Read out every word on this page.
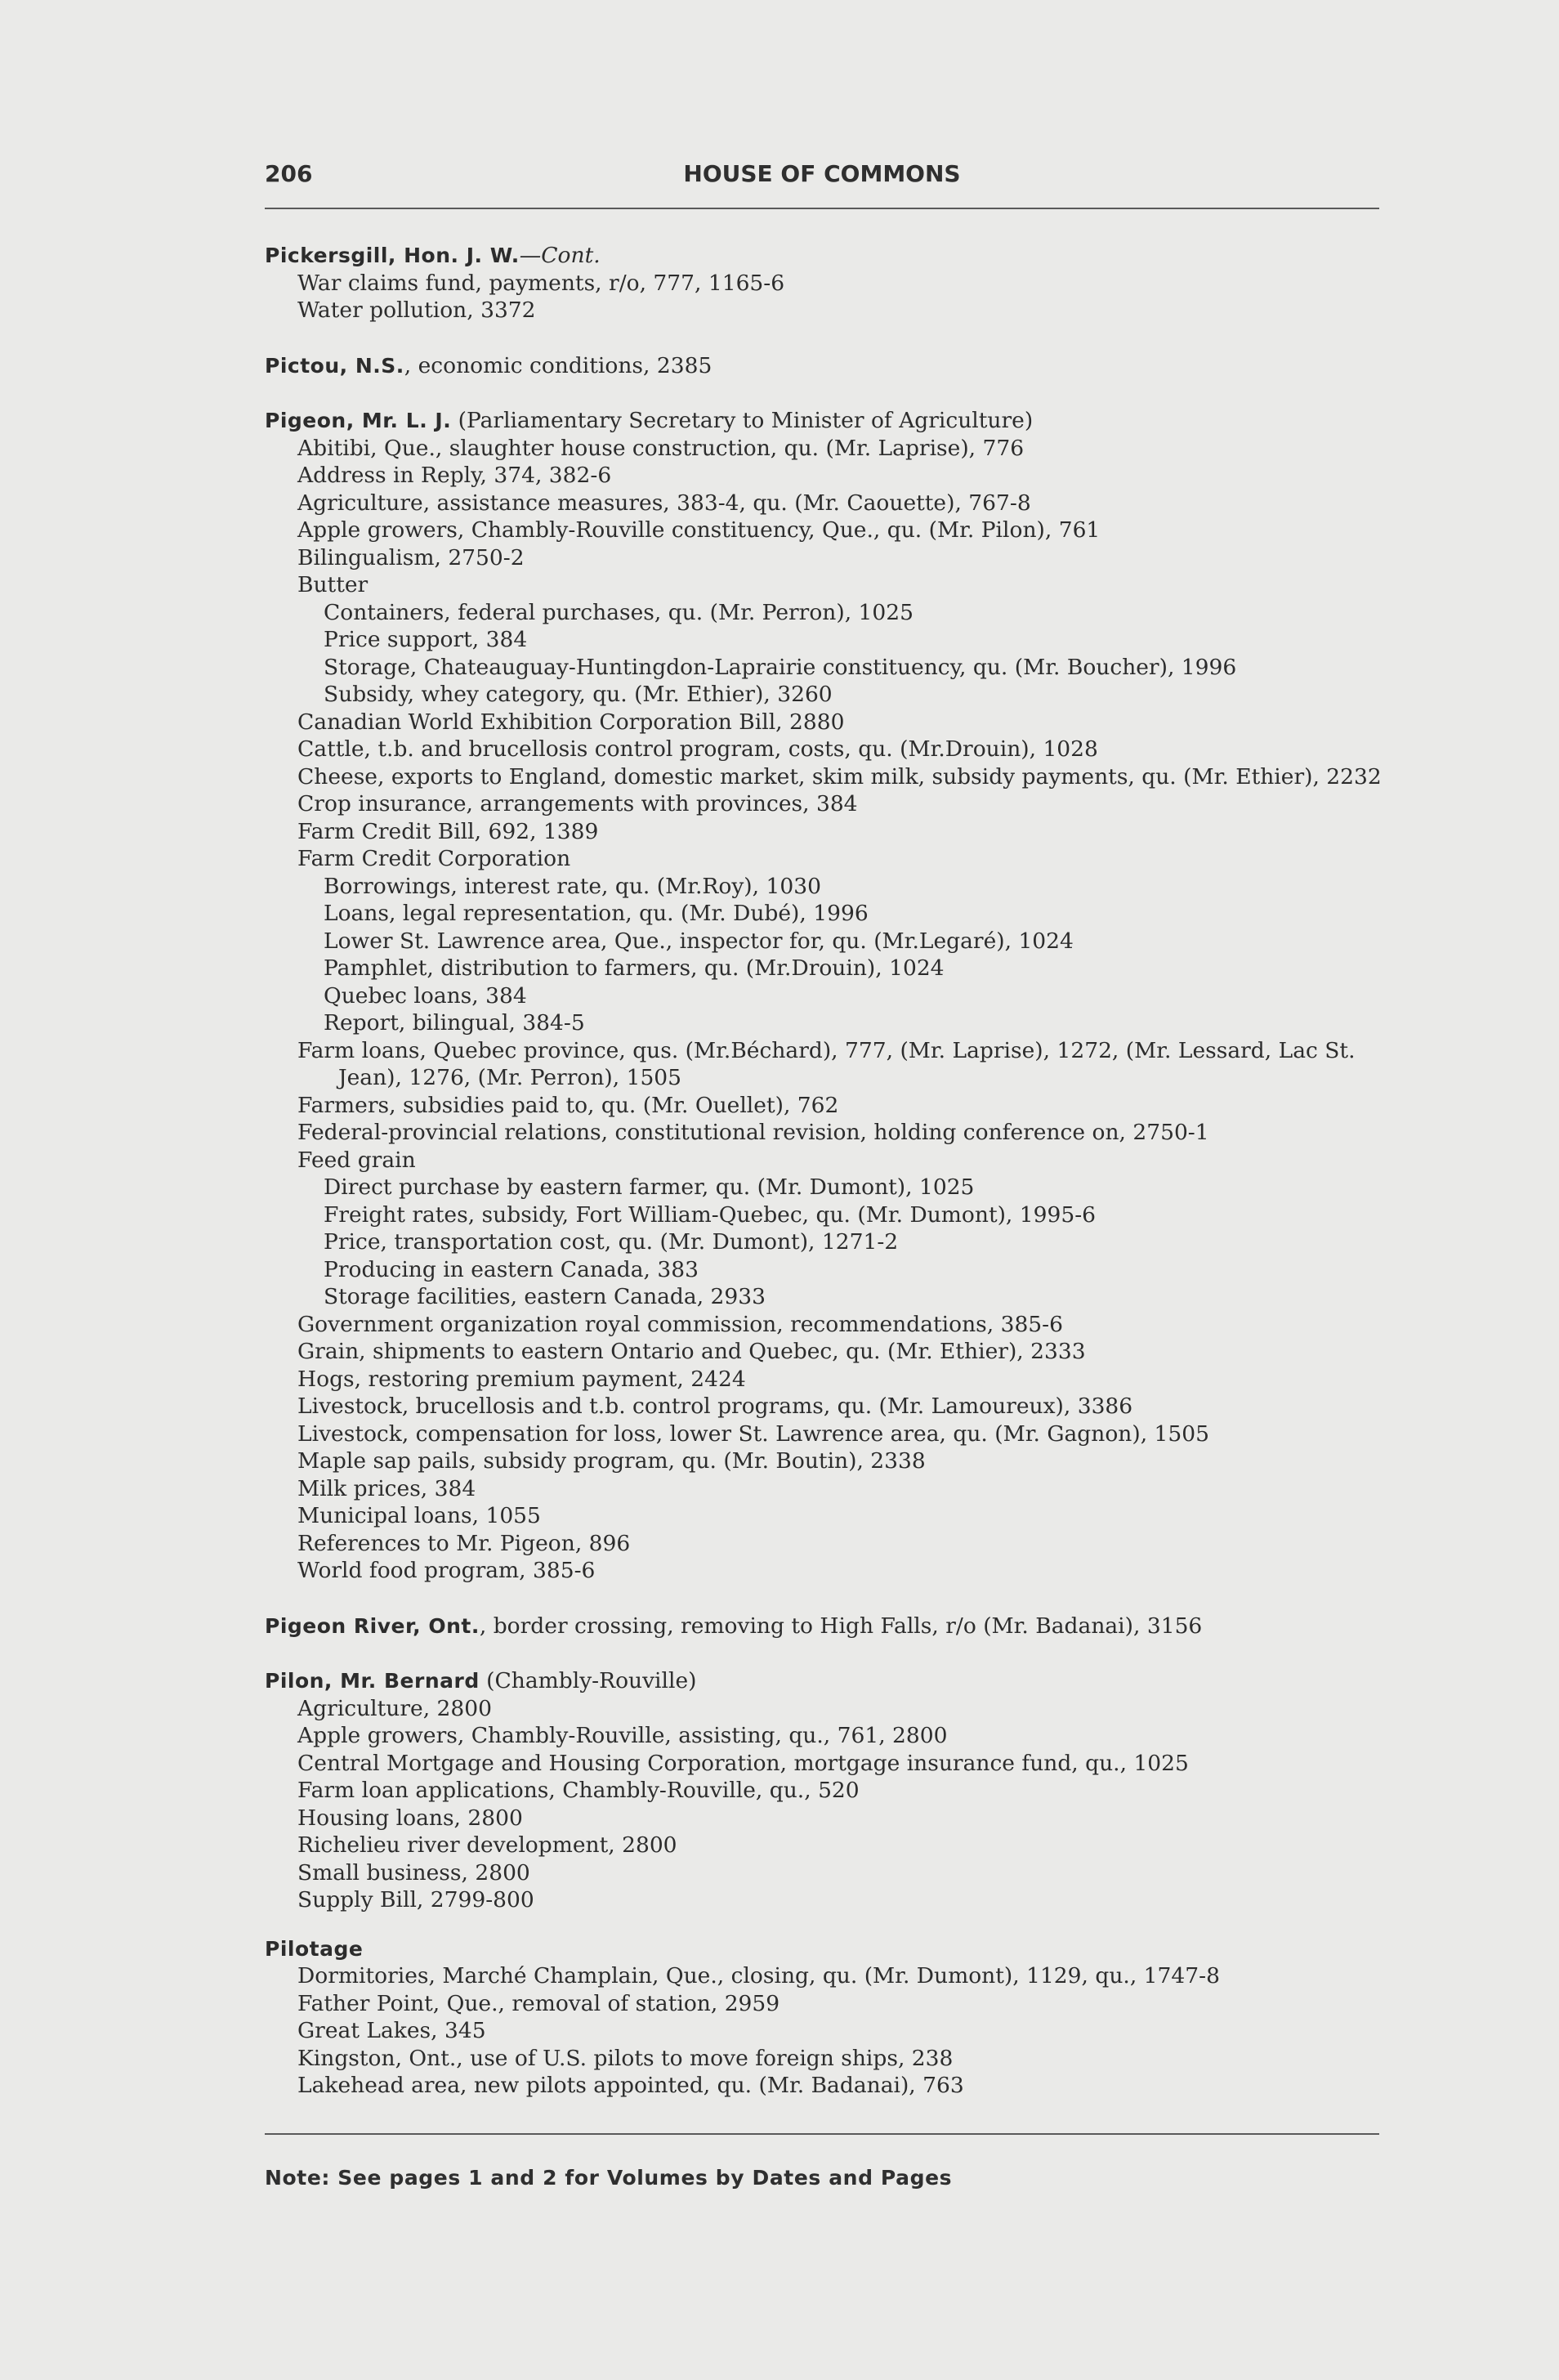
206	HOUSE OF COMMONS
Pickersgill, Hon. J. W.—Cont.
War claims fund, payments, r/o, 777, 1165-6
Water pollution, 3372
Pictou, N.S., economic conditions, 2385
Pigeon, Mr. L. J. (Parliamentary Secretary to Minister of Agriculture)
Abitibi, Que., slaughter house construction, qu. (Mr. Laprise), 776
Address in Reply, 374, 382-6
Agriculture, assistance measures, 383-4, qu. (Mr. Caouette), 767-8
Apple growers, Chambly-Rouville constituency, Que., qu. (Mr. Pilon), 761
Bilingualism, 2750-2
Butter
Containers, federal purchases, qu. (Mr. Perron), 1025
Price support, 384
Storage, Chateauguay-Huntingdon-Laprairie constituency, qu. (Mr. Boucher), 1996
Subsidy, whey category, qu. (Mr. Ethier), 3260
Canadian World Exhibition Corporation Bill, 2880
Cattle, t.b. and brucellosis control program, costs, qu. (Mr.Drouin), 1028
Cheese, exports to England, domestic market, skim milk, subsidy payments, qu. (Mr. Ethier), 2232
Crop insurance, arrangements with provinces, 384
Farm Credit Bill, 692, 1389
Farm Credit Corporation
Borrowings, interest rate, qu. (Mr.Roy), 1030
Loans, legal representation, qu. (Mr. Dubé), 1996
Lower St. Lawrence area, Que., inspector for, qu. (Mr.Legaré), 1024
Pamphlet, distribution to farmers, qu. (Mr.Drouin), 1024
Quebec loans, 384
Report, bilingual, 384-5
Farm loans, Quebec province, qus. (Mr.Béchard), 777, (Mr. Laprise), 1272, (Mr. Lessard, Lac St. Jean), 1276, (Mr. Perron), 1505
Farmers, subsidies paid to, qu. (Mr. Ouellet), 762
Federal-provincial relations, constitutional revision, holding conference on, 2750-1
Feed grain
Direct purchase by eastern farmer, qu. (Mr. Dumont), 1025
Freight rates, subsidy, Fort William-Quebec, qu. (Mr. Dumont), 1995-6
Price, transportation cost, qu. (Mr. Dumont), 1271-2
Producing in eastern Canada, 383
Storage facilities, eastern Canada, 2933
Government organization royal commission, recommendations, 385-6
Grain, shipments to eastern Ontario and Quebec, qu. (Mr. Ethier), 2333
Hogs, restoring premium payment, 2424
Livestock, brucellosis and t.b. control programs, qu. (Mr. Lamoureux), 3386
Livestock, compensation for loss, lower St. Lawrence area, qu. (Mr. Gagnon), 1505
Maple sap pails, subsidy program, qu. (Mr. Boutin), 2338
Milk prices, 384
Municipal loans, 1055
References to Mr. Pigeon, 896
World food program, 385-6
Pigeon River, Ont., border crossing, removing to High Falls, r/o (Mr. Badanai), 3156
Pilon, Mr. Bernard (Chambly-Rouville)
Agriculture, 2800
Apple growers, Chambly-Rouville, assisting, qu., 761, 2800
Central Mortgage and Housing Corporation, mortgage insurance fund, qu., 1025
Farm loan applications, Chambly-Rouville, qu., 520
Housing loans, 2800
Richelieu river development, 2800
Small business, 2800
Supply Bill, 2799-800
Pilotage
Dormitories, Marché Champlain, Que., closing, qu. (Mr. Dumont), 1129, qu., 1747-8
Father Point, Que., removal of station, 2959
Great Lakes, 345
Kingston, Ont., use of U.S. pilots to move foreign ships, 238
Lakehead area, new pilots appointed, qu. (Mr. Badanai), 763
Note: See pages 1 and 2 for Volumes by Dates and Pages
